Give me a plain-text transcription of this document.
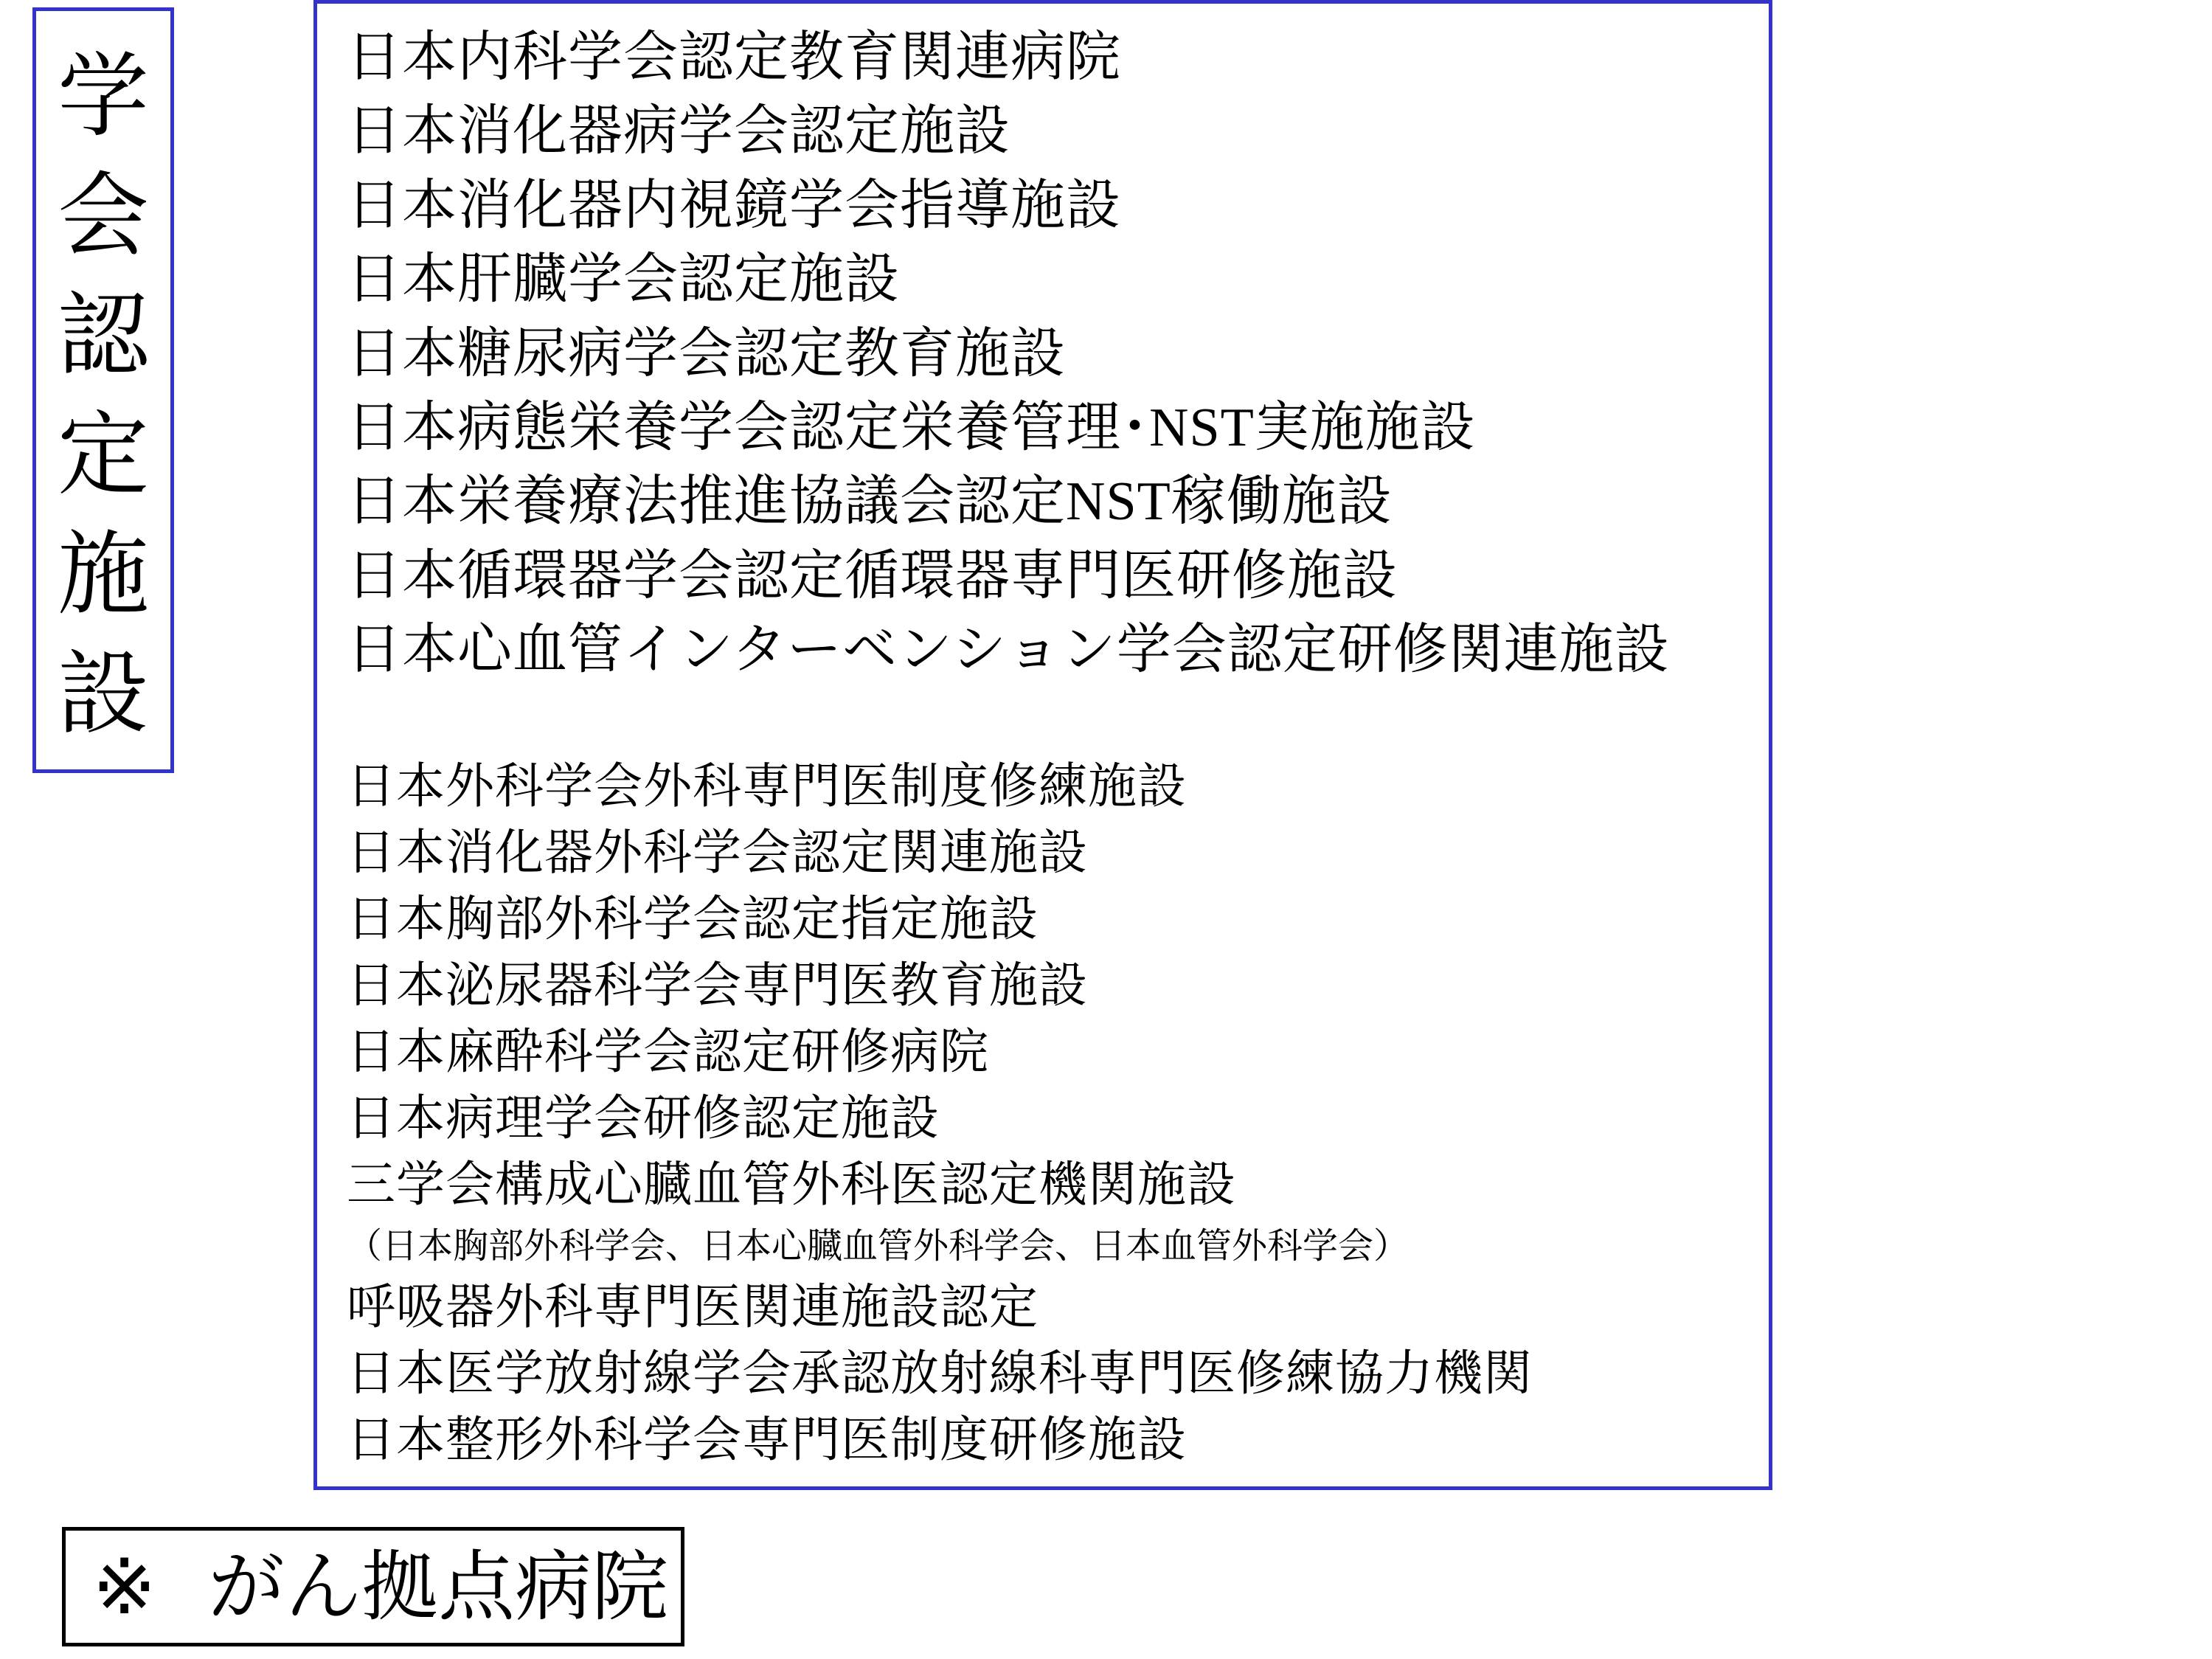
学
会
認
定
施
設
日本内科学会認定教育関連病院
日本消化器病学会認定施設
日本消化器内視鏡学会指導施設
日本肝臓学会認定施設
日本糖尿病学会認定教育施設
日本病態栄養学会認定栄養管理･NST実施施設
日本栄養療法推進協議会認定NST稼働施設
日本循環器学会認定循環器専門医研修施設
日本心血管インターベンション学会認定研修関連施設
日本外科学会外科専門医制度修練施設
日本消化器外科学会認定関連施設
日本胸部外科学会認定指定施設
日本泌尿器科学会専門医教育施設
日本麻酔科学会認定研修病院
日本病理学会研修認定施設
三学会構成心臓血管外科医認定機関施設
（日本胸部外科学会、日本心臓血管外科学会、日本血管外科学会）
呼吸器外科専門医関連施設認定
日本医学放射線学会承認放射線科専門医修練協力機関
日本整形外科学会専門医制度研修施設
※ がん拠点病院
